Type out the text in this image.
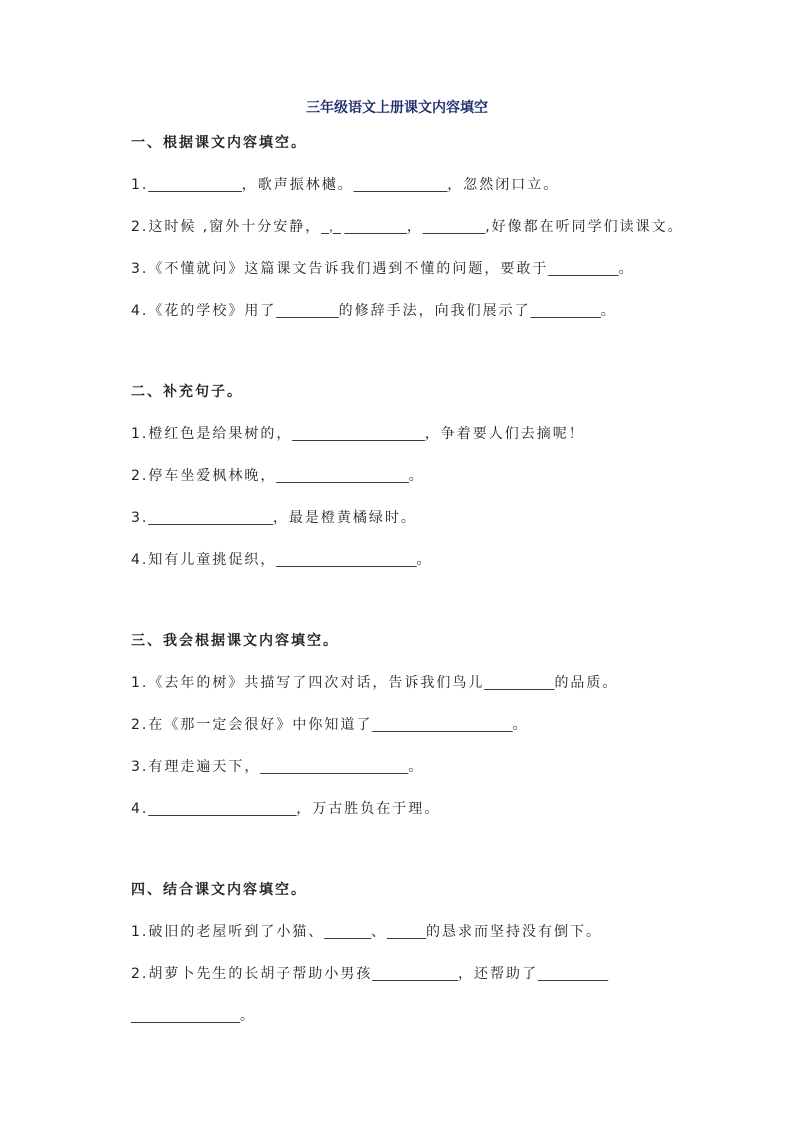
三年级语文上册课文内容填空
一、根据课文内容填空。

1. ____________ ，歌声振林樾。 ____________ ，忽然闭口立。

2.这时候 ,窗外十分安静， _,_ ________ ， ________ ,好像都在听同学们读课文。

3.《不懂就问》这篇课文告诉我们遇到不懂的问题，要敢于 _________ 。

4.《花的学校》用了 ________ 的修辞手法，向我们展示了 _________ 。

二、补充句子。

1.橙红色是给果树的， _________________ ，争着要人们去摘呢！

2.停车坐爱枫林晚， _________________ 。

3. ________________ ，最是橙黄橘绿时。

4.知有儿童挑促织， __________________ 。

三、我会根据课文内容填空。

1.《去年的树》共描写了四次对话，告诉我们鸟儿 _________ 的品质。

2.在《那一定会很好》中你知道了 __________________ 。

3.有理走遍天下， ___________________ 。

4. ___________________ ，万古胜负在于理。

四、结合课文内容填空。

1.破旧的老屋听到了小猫、 ______ 、 _____ 的恳求而坚持没有倒下。

2.胡萝卜先生的长胡子帮助小男孩 ___________ ，还帮助了 _________

______________ 。
